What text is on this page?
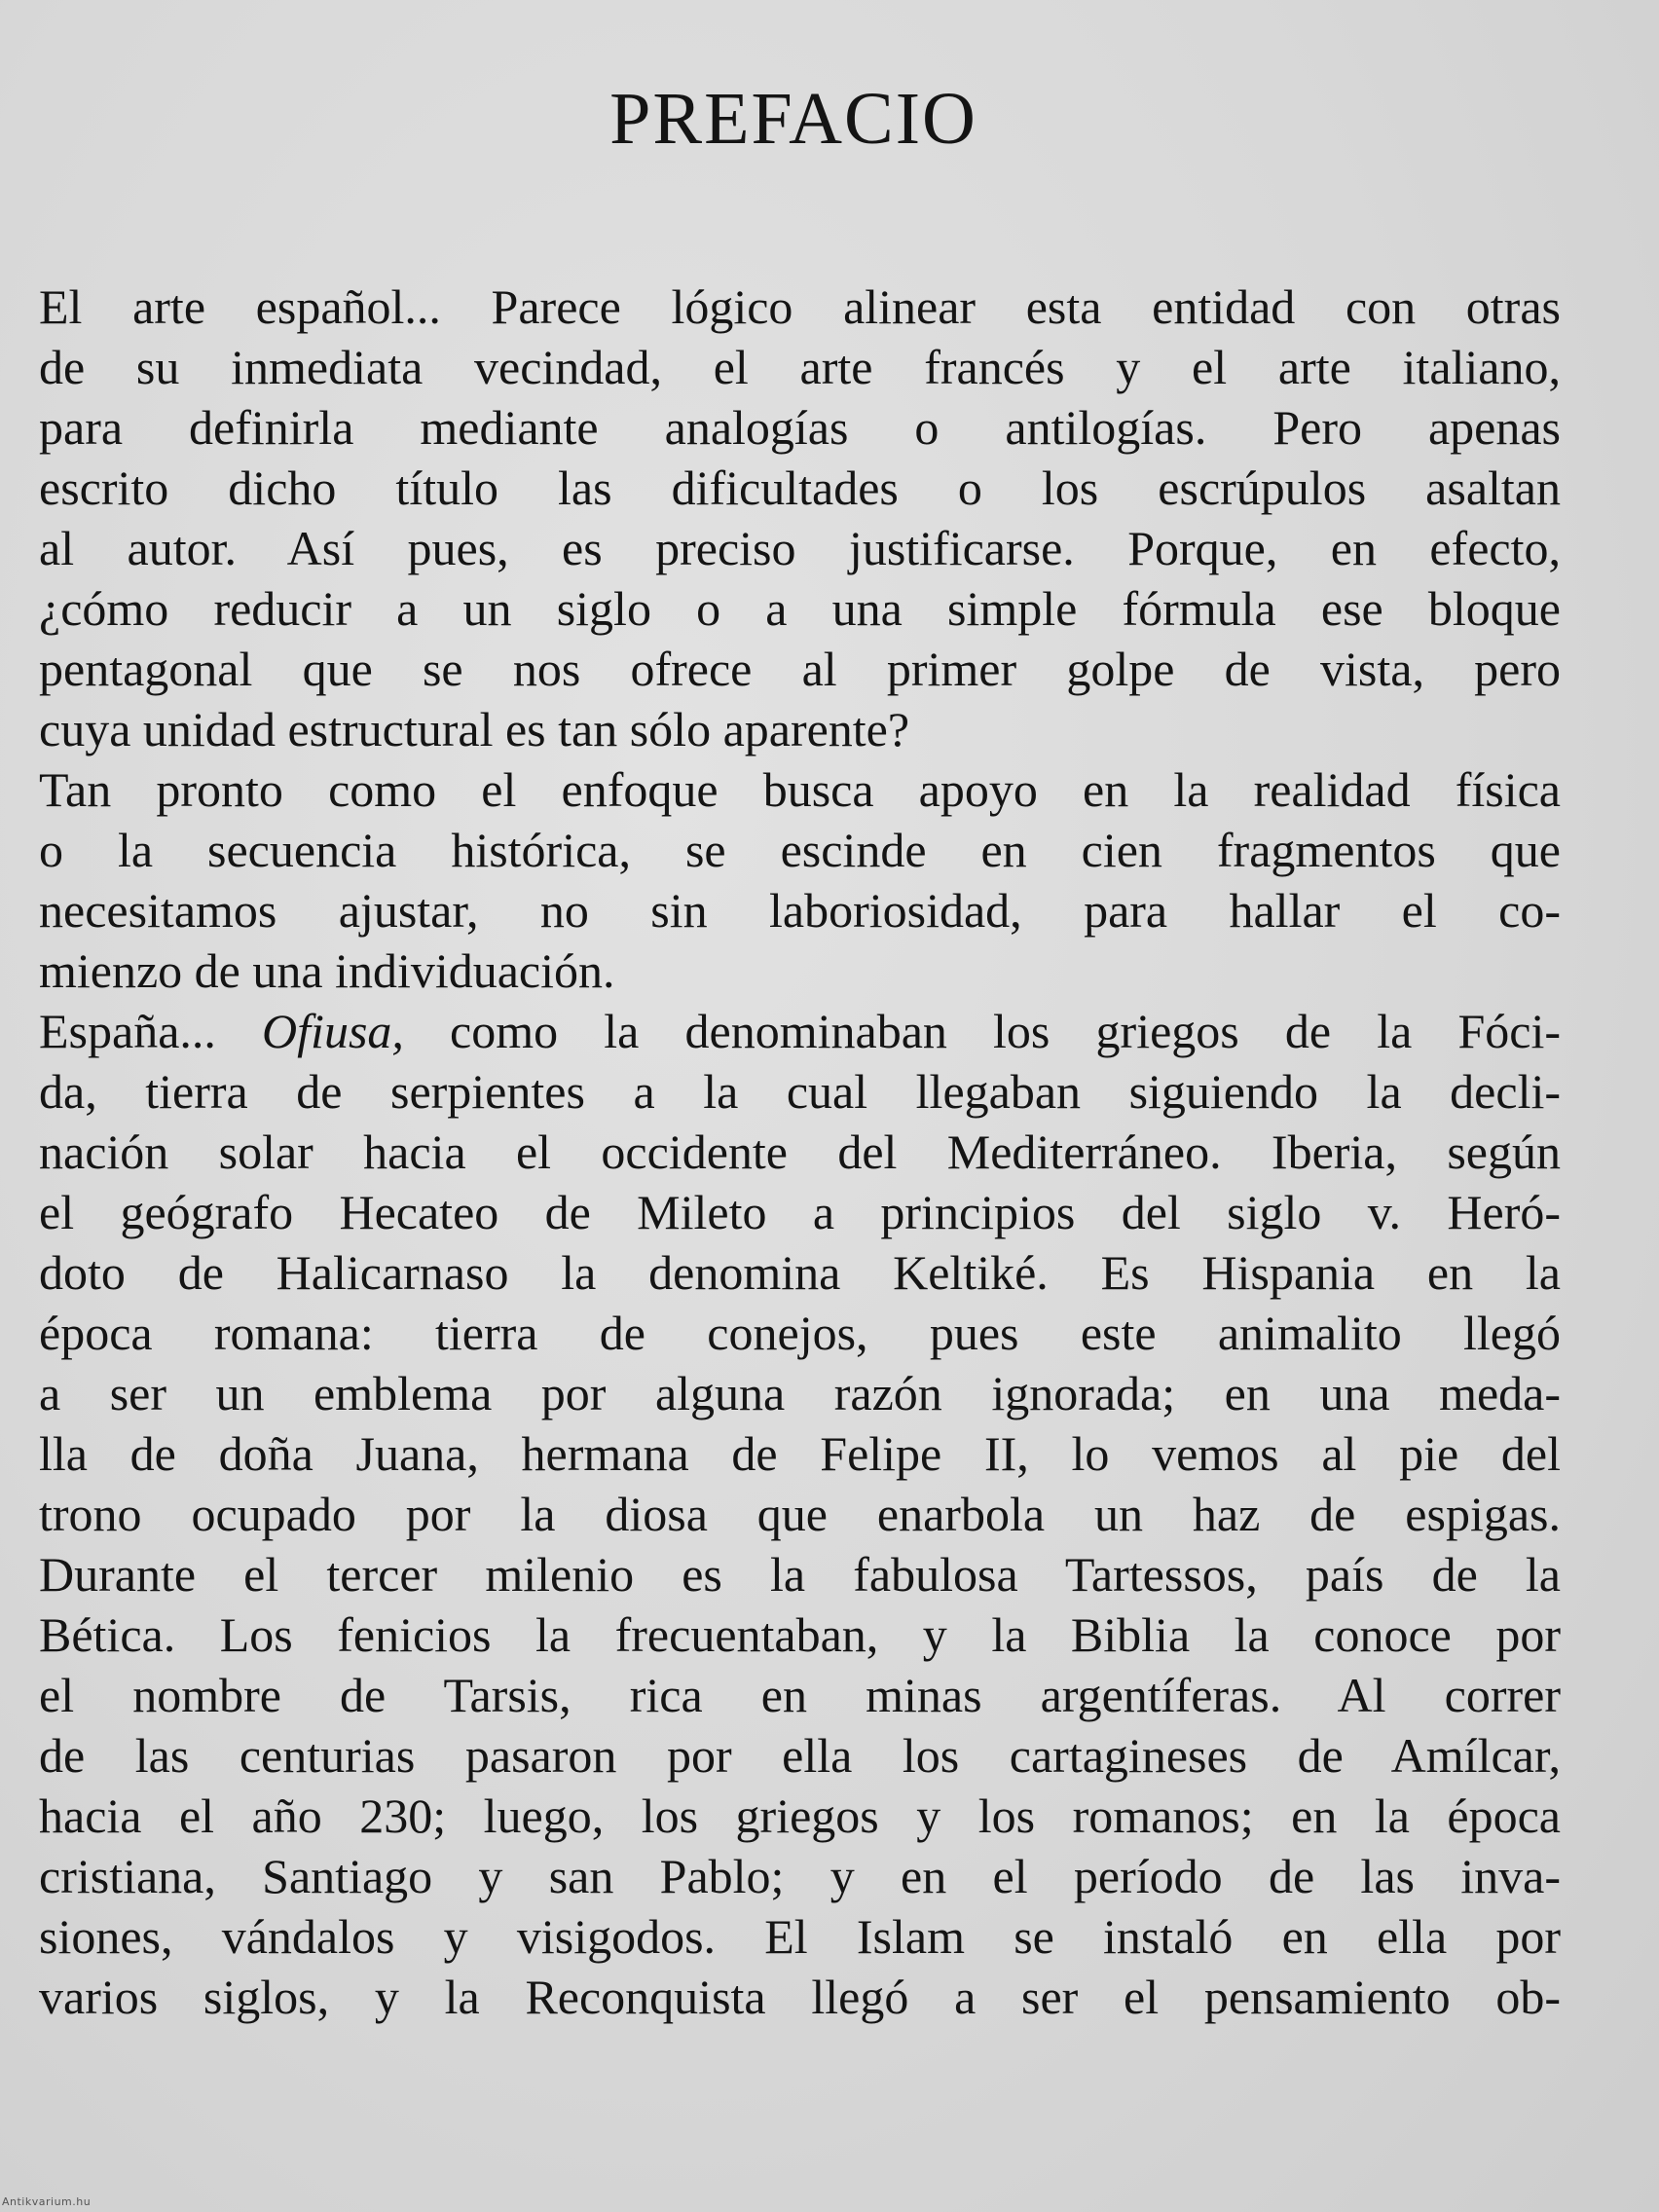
PREFACIO
El arte español... Parece lógico alinear esta entidad con otras
de su inmediata vecindad, el arte francés y el arte italiano,
para definirla mediante analogías o antilogías. Pero apenas
escrito dicho título las dificultades o los escrúpulos asaltan
al autor. Así pues, es preciso justificarse. Porque, en efecto,
¿cómo reducir a un siglo o a una simple fórmula ese bloque
pentagonal que se nos ofrece al primer golpe de vista, pero
cuya unidad estructural es tan sólo aparente?
Tan pronto como el enfoque busca apoyo en la realidad física
o la secuencia histórica, se escinde en cien fragmentos que
necesitamos ajustar, no sin laboriosidad, para hallar el co-
mienzo de una individuación.
España... Ofiusa, como la denominaban los griegos de la Fóci-
da, tierra de serpientes a la cual llegaban siguiendo la decli-
nación solar hacia el occidente del Mediterráneo. Iberia, según
el geógrafo Hecateo de Mileto a principios del siglo v. Heró-
doto de Halicarnaso la denomina Keltiké. Es Hispania en la
época romana: tierra de conejos, pues este animalito llegó
a ser un emblema por alguna razón ignorada; en una meda-
lla de doña Juana, hermana de Felipe II, lo vemos al pie del
trono ocupado por la diosa que enarbola un haz de espigas.
Durante el tercer milenio es la fabulosa Tartessos, país de la
Bética. Los fenicios la frecuentaban, y la Biblia la conoce por
el nombre de Tarsis, rica en minas argentíferas. Al correr
de las centurias pasaron por ella los cartagineses de Amílcar,
hacia el año 230; luego, los griegos y los romanos; en la época
cristiana, Santiago y san Pablo; y en el período de las inva-
siones, vándalos y visigodos. El Islam se instaló en ella por
varios siglos, y la Reconquista llegó a ser el pensamiento ob-
Antikvarium.hu
